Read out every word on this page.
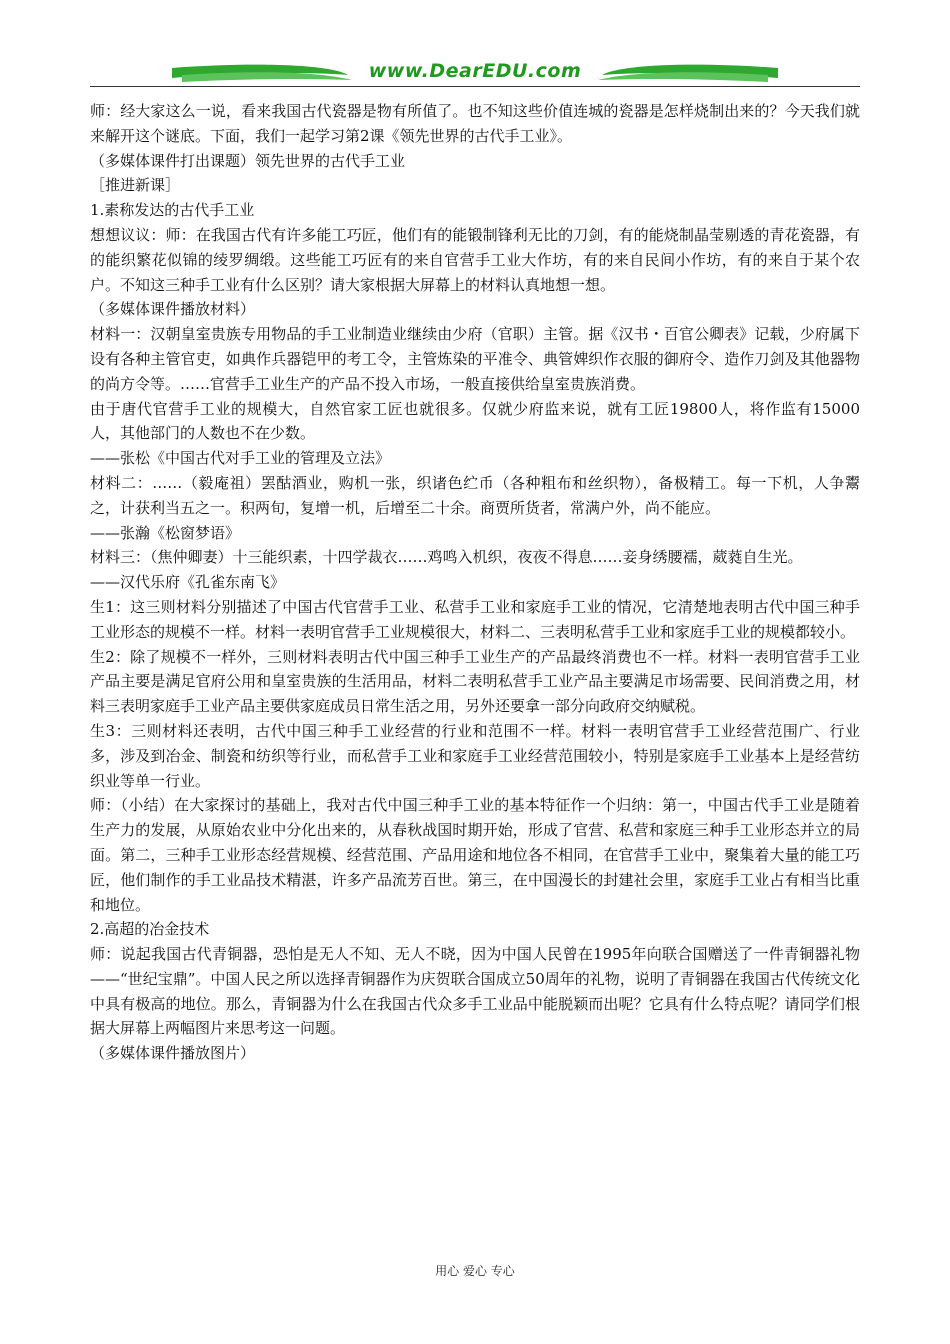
www.DearEDU.com

师：经大家这么一说，看来我国古代瓷器是物有所值了。也不知这些价值连城的瓷器是怎样烧制出来的？今天我们就来解开这个谜底。下面，我们一起学习第2课《领先世界的古代手工业》。

（多媒体课件打出课题）领先世界的古代手工业

［推进新课］

1.素称发达的古代手工业

想想议议：师：在我国古代有许多能工巧匠，他们有的能锻制锋利无比的刀剑，有的能烧制晶莹剔透的青花瓷器，有的能织繁花似锦的绫罗绸缎。这些能工巧匠有的来自官营手工业大作坊，有的来自民间小作坊，有的来自于某个农户。不知这三种手工业有什么区别？请大家根据大屏幕上的材料认真地想一想。

（多媒体课件播放材料）

材料一：汉朝皇室贵族专用物品的手工业制造业继续由少府（官职）主管。据《汉书・百官公卿表》记载，少府属下设有各种主管官吏，如典作兵器铠甲的考工令，主管炼染的平准令、典管婢织作衣服的御府令、造作刀剑及其他器物的尚方令等。……官营手工业生产的产品不投入市场，一般直接供给皇室贵族消费。

由于唐代官营手工业的规模大，自然官家工匠也就很多。仅就少府监来说，就有工匠19800人，将作监有15000人，其他部门的人数也不在少数。

——张松《中国古代对手工业的管理及立法》

材料二：……（毅庵祖）罢酤酒业，购机一张，织诸色纻币（各种粗布和丝织物），备极精工。每一下机，人争鬻之，计获利当五之一。积两旬，复增一机，后增至二十余。商贾所货者，常满户外，尚不能应。

——张瀚《松窗梦语》

材料三：（焦仲卿妻）十三能织素，十四学裁衣……鸡鸣入机织，夜夜不得息……妾身绣腰襦，葳蕤自生光。

——汉代乐府《孔雀东南飞》

生1：这三则材料分别描述了中国古代官营手工业、私营手工业和家庭手工业的情况，它清楚地表明古代中国三种手工业形态的规模不一样。材料一表明官营手工业规模很大，材料二、三表明私营手工业和家庭手工业的规模都较小。

生2：除了规模不一样外，三则材料表明古代中国三种手工业生产的产品最终消费也不一样。材料一表明官营手工业产品主要是满足官府公用和皇室贵族的生活用品，材料二表明私营手工业产品主要满足市场需要、民间消费之用，材料三表明家庭手工业产品主要供家庭成员日常生活之用，另外还要拿一部分向政府交纳赋税。

生3：三则材料还表明，古代中国三种手工业经营的行业和范围不一样。材料一表明官营手工业经营范围广、行业多，涉及到冶金、制瓷和纺织等行业，而私营手工业和家庭手工业经营范围较小，特别是家庭手工业基本上是经营纺织业等单一行业。

师：（小结）在大家探讨的基础上，我对古代中国三种手工业的基本特征作一个归纳：第一，中国古代手工业是随着生产力的发展，从原始农业中分化出来的，从春秋战国时期开始，形成了官营、私营和家庭三种手工业形态并立的局面。第二，三种手工业形态经营规模、经营范围、产品用途和地位各不相同，在官营手工业中，聚集着大量的能工巧匠，他们制作的手工业品技术精湛，许多产品流芳百世。第三，在中国漫长的封建社会里，家庭手工业占有相当比重和地位。

2.高超的冶金技术

师：说起我国古代青铜器，恐怕是无人不知、无人不晓，因为中国人民曾在1995年向联合国赠送了一件青铜器礼物——“世纪宝鼎”。中国人民之所以选择青铜器作为庆贺联合国成立50周年的礼物，说明了青铜器在我国古代传统文化中具有极高的地位。那么，青铜器为什么在我国古代众多手工业品中能脱颖而出呢？它具有什么特点呢？请同学们根据大屏幕上两幅图片来思考这一问题。

（多媒体课件播放图片）

用心 爱心 专心
